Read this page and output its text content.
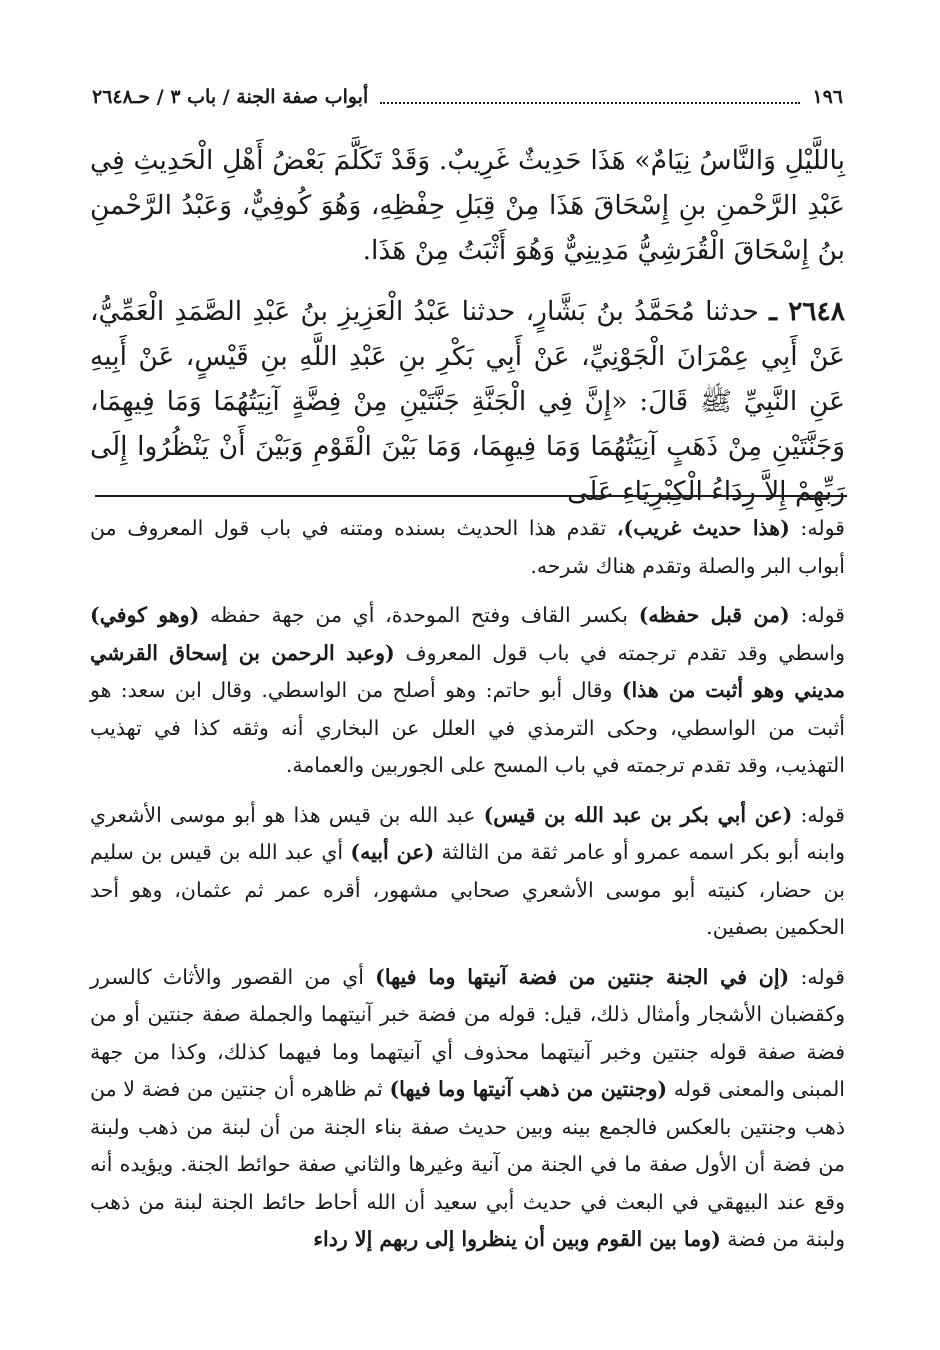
١٩٦
أبواب صفة الجنة / باب ٣ / حـ٢٦٤٨

بِاللَّيْلِ وَالنَّاسُ نِيَامٌ» هَذَا حَدِيثٌ غَرِيبٌ. وَقَدْ تَكَلَّمَ بَعْضُ أَهْلِ الْحَدِيثِ فِي عَبْدِ الرَّحْمنِ بنِ إِسْحَاقَ هَذَا مِنْ قِبَلِ حِفْظِهِ، وَهُوَ كُوفِيٌّ، وَعَبْدُ الرَّحْمنِ بنُ إِسْحَاقَ الْقُرَشِيُّ مَدِينِيٌّ وَهُوَ أَثْبَتُ مِنْ هَذَا.

٢٦٤٨ ـ حدثنا مُحَمَّدُ بنُ بَشَّارٍ، حدثنا عَبْدُ الْعَزِيزِ بنُ عَبْدِ الصَّمَدِ الْعَمِّيُّ، عَنْ أَبِي عِمْرَانَ الْجَوْنِيِّ، عَنْ أَبِي بَكْرِ بنِ عَبْدِ اللَّهِ بنِ قَيْسٍ، عَنْ أَبِيهِ عَنِ النَّبِيِّ ﷺ قَالَ: «إِنَّ فِي الْجَنَّةِ جَنَّتَيْنِ مِنْ فِضَّةٍ آنِيَتُهُمَا وَمَا فِيهِمَا، وَجَنَّتَيْنِ مِنْ ذَهَبٍ آنِيَتُهُمَا وَمَا فِيهِمَا، وَمَا بَيْنَ الْقَوْمِ وَبَيْنَ أَنْ يَنْظُرُوا إِلَى رَبِّهِمْ إِلاَّ رِدَاءُ الْكِبْرِيَاءِ عَلَى

قوله: (هذا حديث غريب)، تقدم هذا الحديث بسنده ومتنه في باب قول المعروف من أبواب البر والصلة وتقدم هناك شرحه.

قوله: (من قبل حفظه) بكسر القاف وفتح الموحدة، أي من جهة حفظه (وهو كوفي) واسطي وقد تقدم ترجمته في باب قول المعروف (وعبد الرحمن بن إسحاق القرشي مديني وهو أثبت من هذا) وقال أبو حاتم: وهو أصلح من الواسطي. وقال ابن سعد: هو أثبت من الواسطي، وحكى الترمذي في العلل عن البخاري أنه وثقه كذا في تهذيب التهذيب، وقد تقدم ترجمته في باب المسح على الجوربين والعمامة.

قوله: (عن أبي بكر بن عبد الله بن قيس) عبد الله بن قيس هذا هو أبو موسى الأشعري وابنه أبو بكر اسمه عمرو أو عامر ثقة من الثالثة (عن أبيه) أي عبد الله بن قيس بن سليم بن حضار، كنيته أبو موسى الأشعري صحابي مشهور، أقره عمر ثم عثمان، وهو أحد الحكمين بصفين.

قوله: (إن في الجنة جنتين من فضة آنيتها وما فيها) أي من القصور والأثاث كالسرر وكقضبان الأشجار وأمثال ذلك، قيل: قوله من فضة خبر آنيتهما والجملة صفة جنتين أو من فضة صفة قوله جنتين وخبر آنيتهما محذوف أي آنيتهما وما فيهما كذلك، وكذا من جهة المبنى والمعنى قوله (وجنتين من ذهب آنيتها وما فيها) ثم ظاهره أن جنتين من فضة لا من ذهب وجنتين بالعكس فالجمع بينه وبين حديث صفة بناء الجنة من أن لبنة من ذهب ولبنة من فضة أن الأول صفة ما في الجنة من آنية وغيرها والثاني صفة حوائط الجنة. ويؤيده أنه وقع عند البيهقي في البعث في حديث أبي سعيد أن الله أحاط حائط الجنة لبنة من ذهب ولبنة من فضة (وما بين القوم وبين أن ينظروا إلى ربهم إلا رداء
